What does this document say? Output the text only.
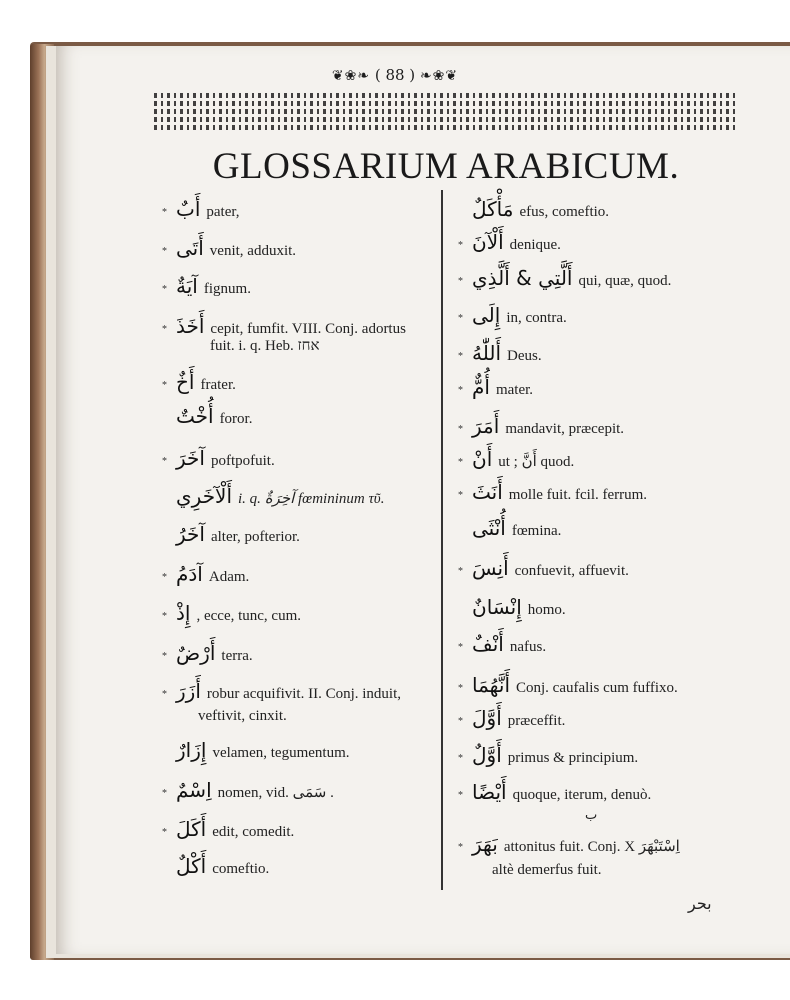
❦❀❧ ( 88 ) ❧❀❦
GLOSSARIUM ARABICUM.
* أَبٌ pater,
* أَتَى venit, adduxit.
* آيَةٌ fignum.
* أَخَذَ cepit, fumfit. VIII. Conj. adortus
fuit. i. q. Heb. אחז
* أَخٌ frater.
أُخْتٌ foror.
* آخَرَ poftpofuit.
أَلْآخَرِي i. q. آخِرَةٌ fœmininum τῦ.
آخَرُ alter, pofterior.
* آدَمُ Adam.
* إِذْ , ecce, tunc, cum.
* أَرْضٌ terra.
* أَزَرَ robur acquifivit. II. Conj. induit,
veftivit, cinxit.
إِزَارٌ velamen, tegumentum.
* اِسْمٌ nomen, vid. سَمَى .
* أَكَلَ edit, comedit.
أَكْلٌ comeftio.
مَأْكَلٌ efus, comeftio.
* أَلْآنَ denique.
* أَلَّتِي & أَلَّذِي qui, quæ, quod.
* إِلَى in, contra.
* أَللّٰهُ Deus.
* أُمٌّ mater.
* أَمَرَ mandavit, præcepit.
* أَنْ ut ; أَنَّ quod.
* أَنَثَ molle fuit. fcil. ferrum.
أُنْثَى fœmina.
* أَنِسَ confuevit, affuevit.
إِنْسَانٌ homo.
* أَنْفٌ nafus.
* أَنَّهُمَا Conj. caufalis cum fuffixo.
* أَوَّلَ præceffit.
* أَوَّلٌ primus & principium.
* أَيْضًا quoque, iterum, denuò.
ب
* بَهَرَ attonitus fuit. Conj. X اِسْتَبْهَرَ
altè demerfus fuit.
بحر
